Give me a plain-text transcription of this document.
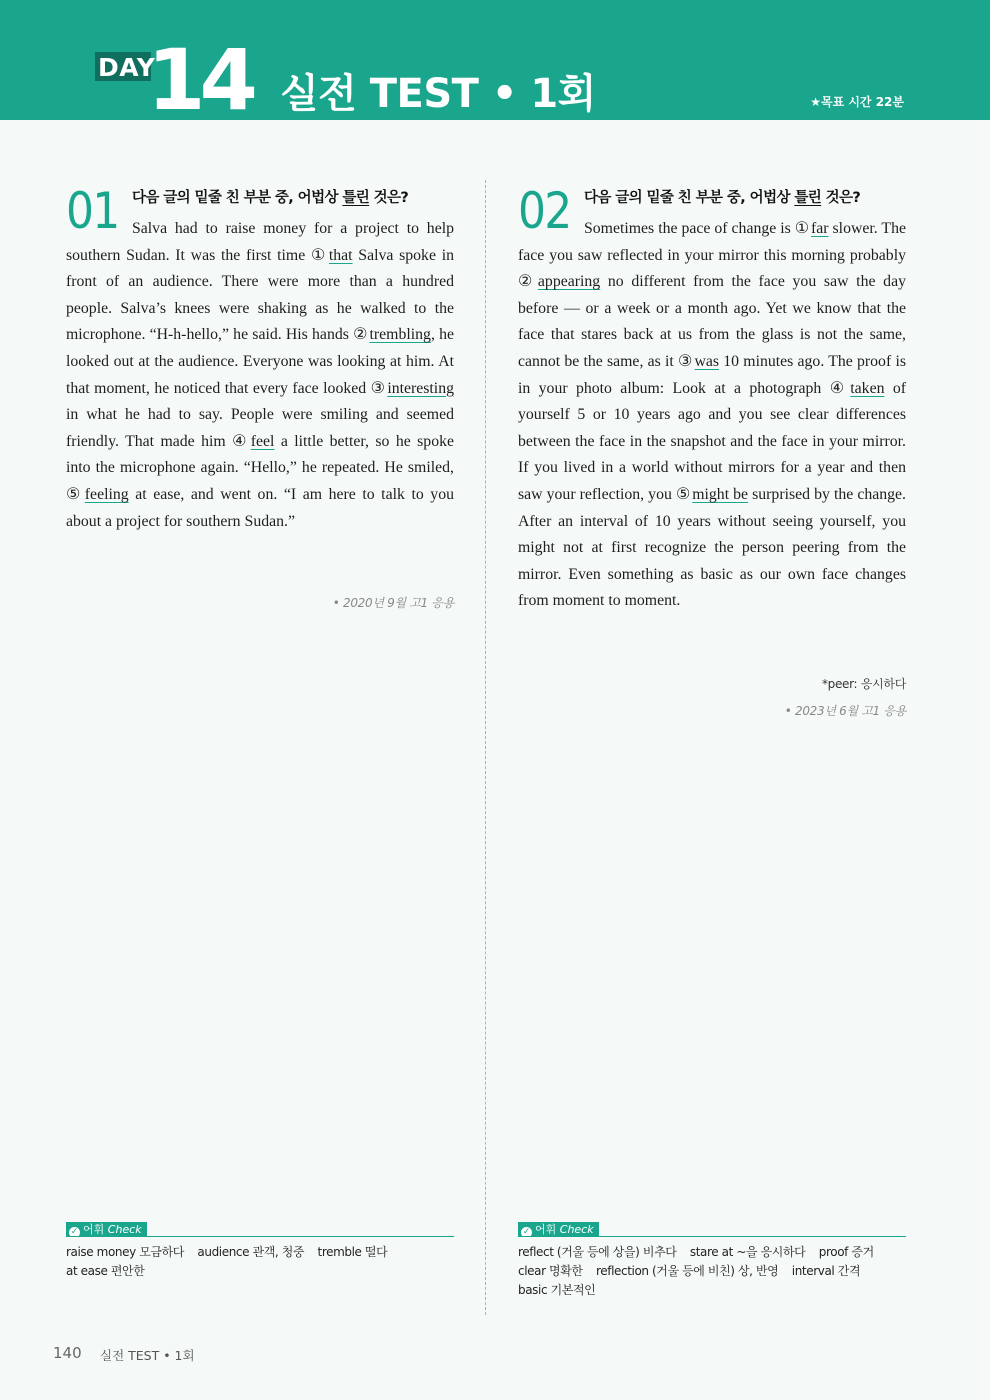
DAY
14 실전 TEST • 1회	★목표 시간 22분
01 다음 글의 밑줄 친 부분 중, 어법상 틀린 것은?
Salva had to raise money for a project to help southern Sudan. It was the first time ① that Salva spoke in front of an audience. There were more than a hundred people. Salva’s knees were shaking as he walked to the microphone. “H-h-hello,” he said. His hands ② trembling, he looked out at the audience. Everyone was looking at him. At that moment, he noticed that every face looked ③ interesting in what he had to say. People were smiling and seemed friendly. That made him ④ feel a little better, so he spoke into the microphone again. “Hello,” he repeated. He smiled, ⑤ feeling at ease, and went on. “I am here to talk to you about a project for southern Sudan.”
• 2020년 9월 고1 응용
02 다음 글의 밑줄 친 부분 중, 어법상 틀린 것은?
Sometimes the pace of change is ① far slower. The face you saw reflected in your mirror this morning probably ② appearing no different from the face you saw the day before — or a week or a month ago. Yet we know that the face that stares back at us from the glass is not the same, cannot be the same, as it ③ was 10 minutes ago. The proof is in your photo album: Look at a photograph ④ taken of yourself 5 or 10 years ago and you see clear differences between the face in the snapshot and the face in your mirror. If you lived in a world without mirrors for a year and then saw your reflection, you ⑤ might be surprised by the change. After an interval of 10 years without seeing yourself, you might not at first recognize the person peering from the mirror. Even something as basic as our own face changes from moment to moment.
*peer: 응시하다
• 2023년 6월 고1 응용
✓ 어휘 Check
raise money 모금하다 audience 관객, 청중 tremble 떨다 at ease 편안한
✓ 어휘 Check
reflect (거울 등에 상을) 비추다 stare at ~을 응시하다 proof 증거 clear 명확한 reflection (거울 등에 비친) 상, 반영 interval 간격 basic 기본적인
140 실전 TEST • 1회
